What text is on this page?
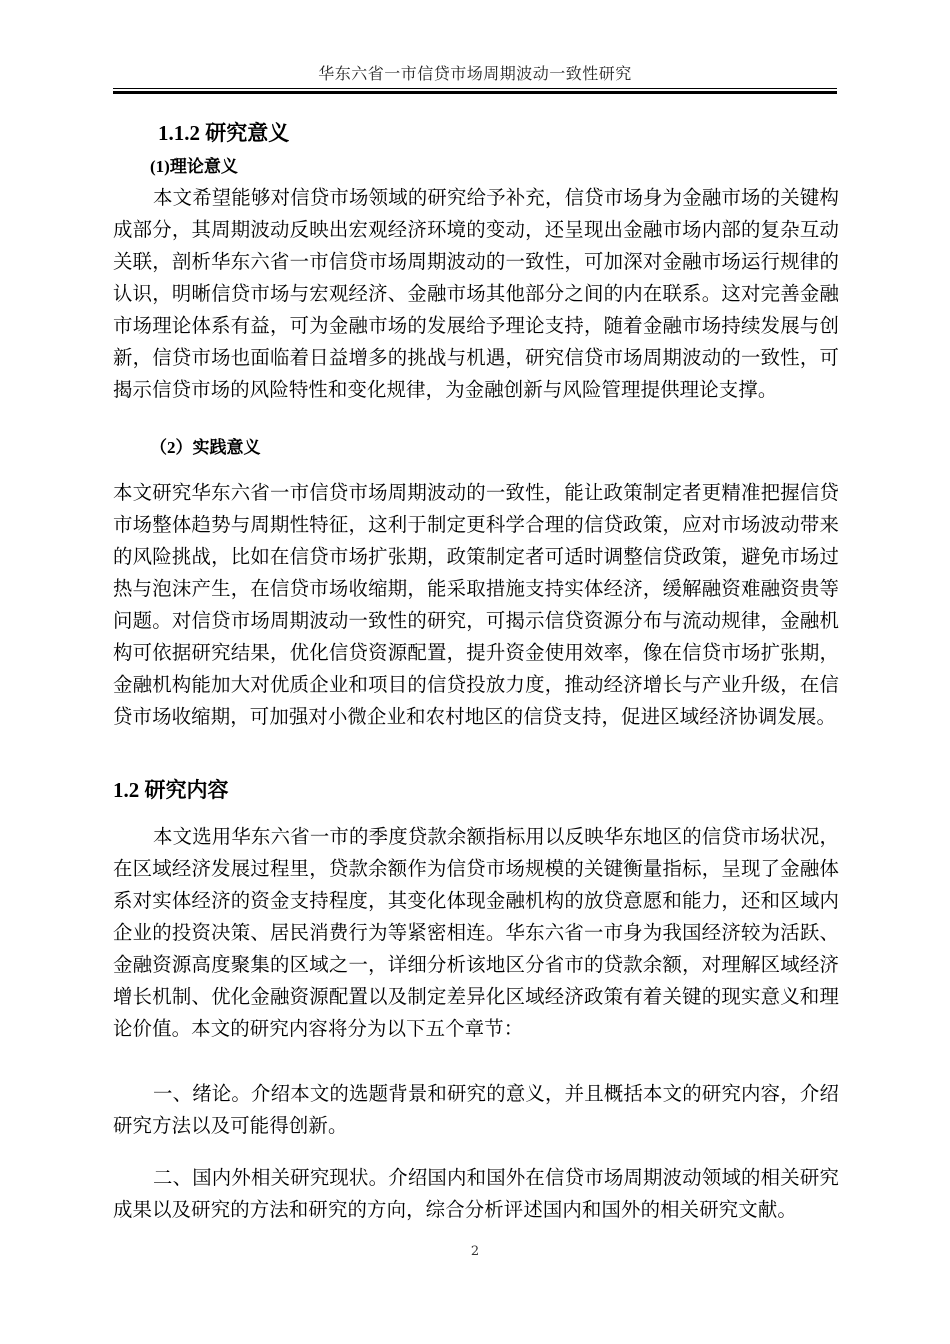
华东六省一市信贷市场周期波动一致性研究
1.1.2 研究意义
(1)理论意义

本文希望能够对信贷市场领域的研究给予补充，信贷市场身为金融市场的关键构成部分，其周期波动反映出宏观经济环境的变动，还呈现出金融市场内部的复杂互动关联，剖析华东六省一市信贷市场周期波动的一致性，可加深对金融市场运行规律的认识，明晰信贷市场与宏观经济、金融市场其他部分之间的内在联系。这对完善金融市场理论体系有益，可为金融市场的发展给予理论支持，随着金融市场持续发展与创新，信贷市场也面临着日益增多的挑战与机遇，研究信贷市场周期波动的一致性，可揭示信贷市场的风险特性和变化规律，为金融创新与风险管理提供理论支撑。

（2）实践意义

本文研究华东六省一市信贷市场周期波动的一致性，能让政策制定者更精准把握信贷市场整体趋势与周期性特征，这利于制定更科学合理的信贷政策，应对市场波动带来的风险挑战，比如在信贷市场扩张期，政策制定者可适时调整信贷政策，避免市场过热与泡沫产生，在信贷市场收缩期，能采取措施支持实体经济，缓解融资难融资贵等问题。对信贷市场周期波动一致性的研究，可揭示信贷资源分布与流动规律，金融机构可依据研究结果，优化信贷资源配置，提升资金使用效率，像在信贷市场扩张期，金融机构能加大对优质企业和项目的信贷投放力度，推动经济增长与产业升级，在信贷市场收缩期，可加强对小微企业和农村地区的信贷支持，促进区域经济协调发展。

1.2 研究内容

本文选用华东六省一市的季度贷款余额指标用以反映华东地区的信贷市场状况，在区域经济发展过程里，贷款余额作为信贷市场规模的关键衡量指标，呈现了金融体系对实体经济的资金支持程度，其变化体现金融机构的放贷意愿和能力，还和区域内企业的投资决策、居民消费行为等紧密相连。华东六省一市身为我国经济较为活跃、金融资源高度聚集的区域之一，详细分析该地区分省市的贷款余额，对理解区域经济增长机制、优化金融资源配置以及制定差异化区域经济政策有着关键的现实意义和理论价值。本文的研究内容将分为以下五个章节：

一、绪论。介绍本文的选题背景和研究的意义，并且概括本文的研究内容，介绍研究方法以及可能得创新。

二、国内外相关研究现状。介绍国内和国外在信贷市场周期波动领域的相关研究成果以及研究的方法和研究的方向，综合分析评述国内和国外的相关研究文献。

2
